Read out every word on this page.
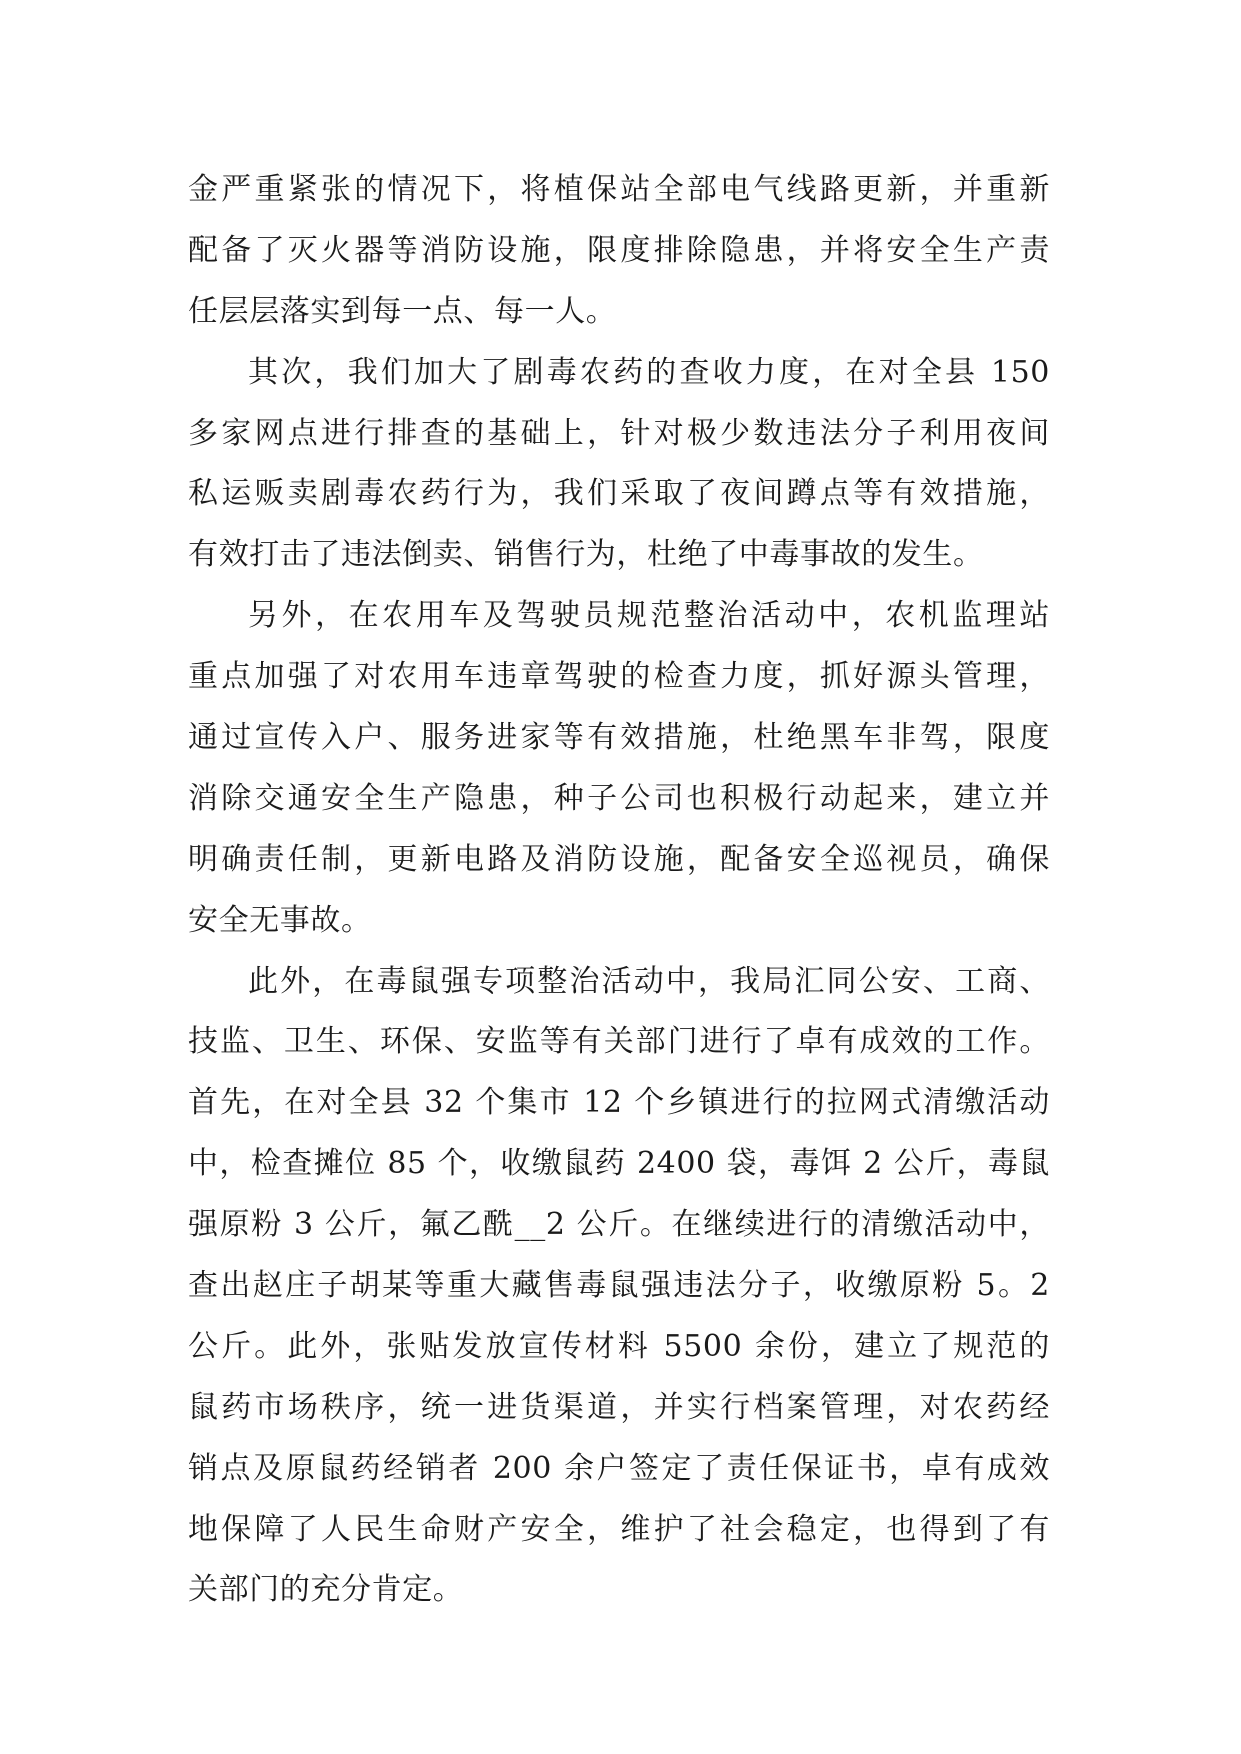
金严重紧张的情况下，将植保站全部电气线路更新，并重新
配备了灭火器等消防设施，限度排除隐患，并将安全生产责
任层层落实到每一点、每一人。
其次，我们加大了剧毒农药的查收力度，在对全县 150
多家网点进行排查的基础上，针对极少数违法分子利用夜间
私运贩卖剧毒农药行为，我们采取了夜间蹲点等有效措施，
有效打击了违法倒卖、销售行为，杜绝了中毒事故的发生。
另外，在农用车及驾驶员规范整治活动中，农机监理站
重点加强了对农用车违章驾驶的检查力度，抓好源头管理，
通过宣传入户、服务进家等有效措施，杜绝黑车非驾，限度
消除交通安全生产隐患，种子公司也积极行动起来，建立并
明确责任制，更新电路及消防设施，配备安全巡视员，确保
安全无事故。
此外，在毒鼠强专项整治活动中，我局汇同公安、工商、
技监、卫生、环保、安监等有关部门进行了卓有成效的工作。
首先，在对全县 32 个集市 12 个乡镇进行的拉网式清缴活动
中，检查摊位 85 个，收缴鼠药 2400 袋，毒饵 2 公斤，毒鼠
强原粉 3 公斤，氟乙酰__2 公斤。在继续进行的清缴活动中，
查出赵庄子胡某等重大藏售毒鼠强违法分子，收缴原粉 5。2
公斤。此外，张贴发放宣传材料 5500 余份，建立了规范的
鼠药市场秩序，统一进货渠道，并实行档案管理，对农药经
销点及原鼠药经销者 200 余户签定了责任保证书，卓有成效
地保障了人民生命财产安全，维护了社会稳定，也得到了有
关部门的充分肯定。
